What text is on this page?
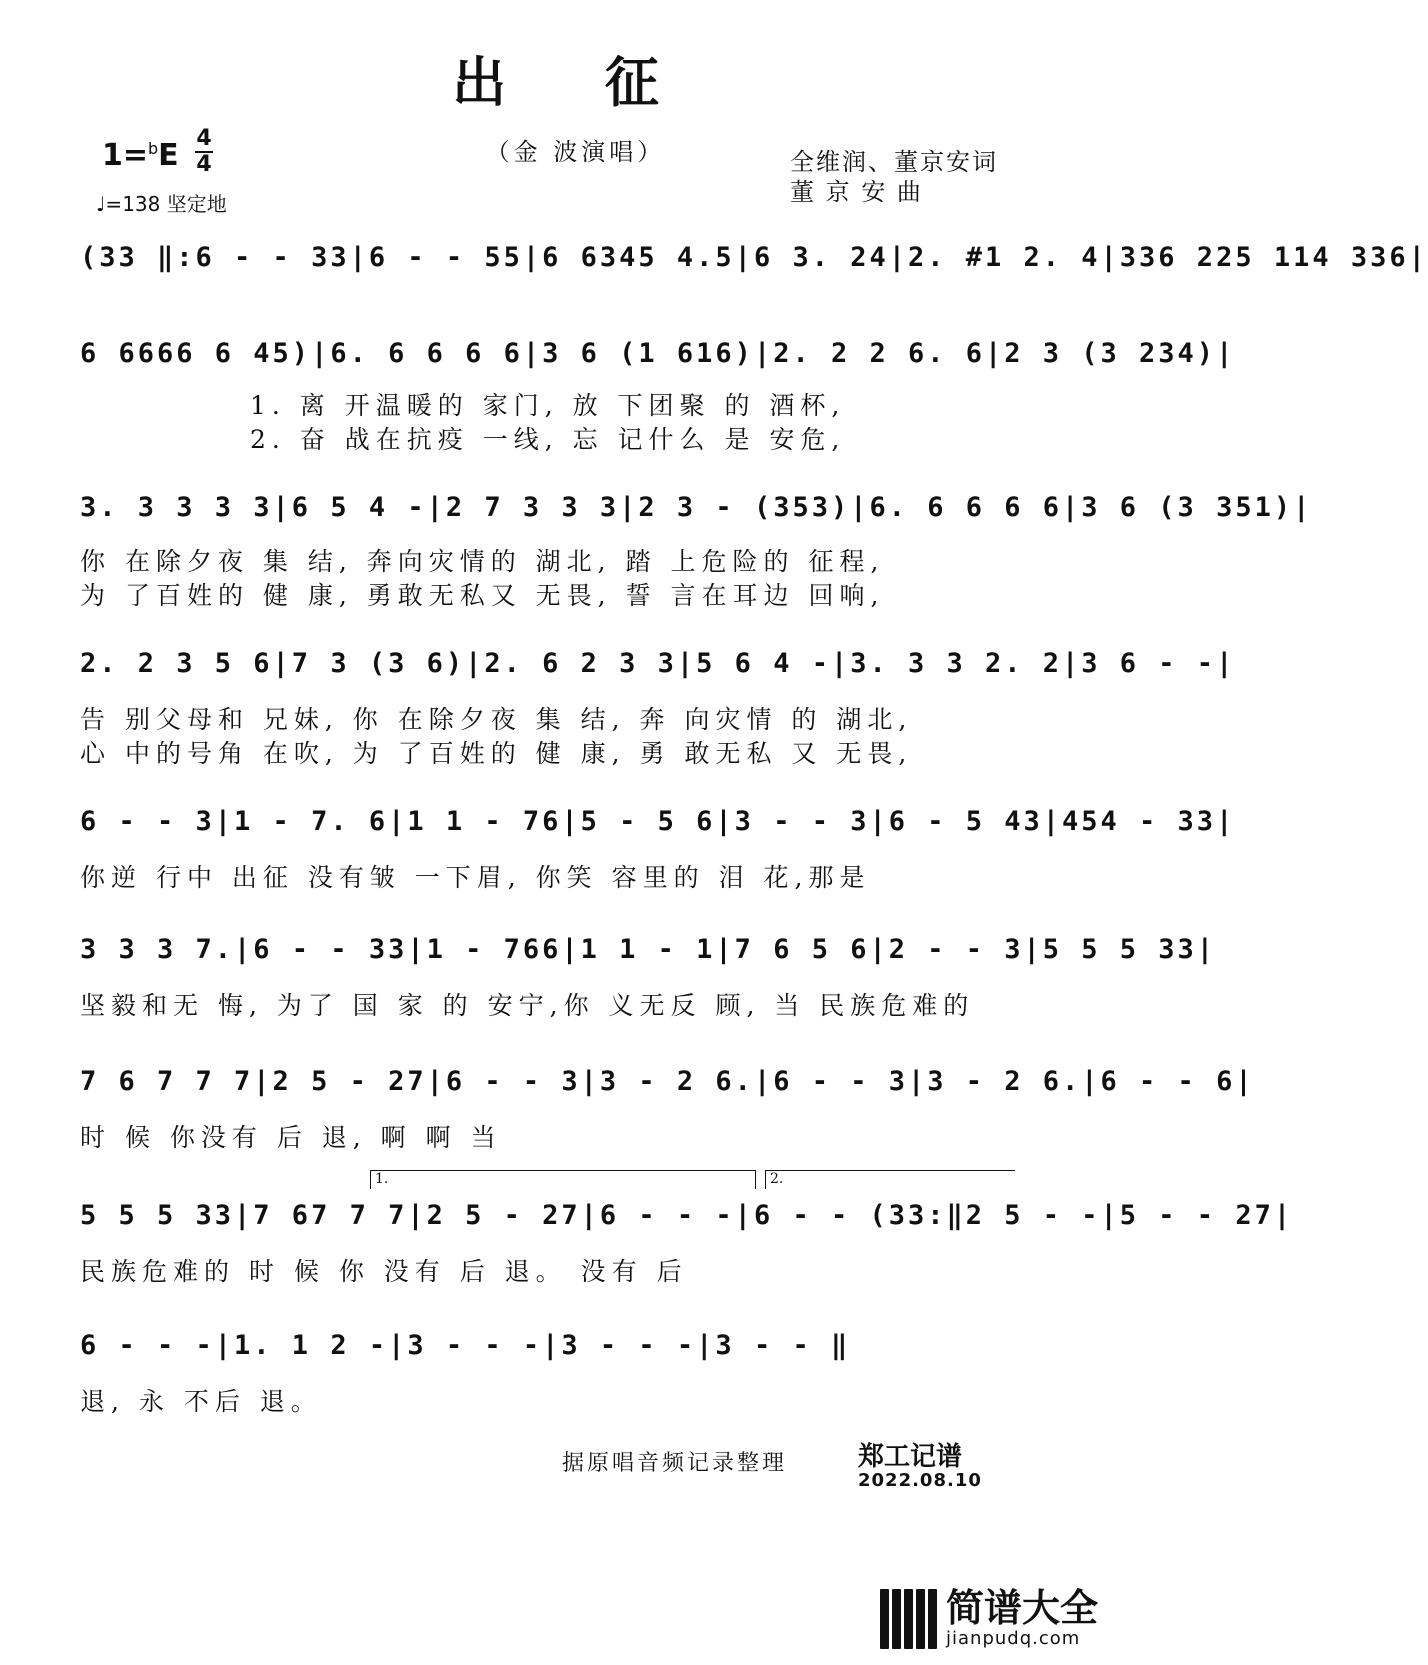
出 征
（金 波演唱）
1=$^b$E 4
4
♩=138 坚定地
全维润、董京安词
董 京 安 曲
(33 ‖:6 - - 33|6 - - 55|6 6345 4.5|6 3. 24|2. #1 2. 4|336 225 114 336|
6 6666 6 45)|6. 6 6 6 6|3 6 (1 616)|2. 2 2 6. 6|2 3 (3 234)|
1. 离 开温暖的 家门, 放 下团聚 的 酒杯,
2. 奋 战在抗疫 一线, 忘 记什么 是 安危,
3. 3 3 3 3|6 5 4 -|2 7 3 3 3|2 3 - (353)|6. 6 6 6 6|3 6 (3 351)|
你 在除夕夜 集 结, 奔向灾情的 湖北, 踏 上危险的 征程,
为 了百姓的 健 康, 勇敢无私又 无畏, 誓 言在耳边 回响,
2. 2 3 5 6|7 3 (3 6)|2. 6 2 3 3|5 6 4 -|3. 3 3 2. 2|3 6 - -|
告 别父母和 兄妹, 你 在除夕夜 集 结, 奔 向灾情 的 湖北,
心 中的号角 在吹, 为 了百姓的 健 康, 勇 敢无私 又 无畏,
6 - - 3|1 - 7. 6|1 1 - 76|5 - 5 6|3 - - 3|6 - 5 43|454 - 33|
你逆 行中 出征 没有皱 一下眉, 你笑 容里的 泪 花,那是
3 3 3 7.|6 - - 33|1 - 766|1 1 - 1|7 6 5 6|2 - - 3|5 5 5 33|
坚毅和无 悔, 为了 国 家 的 安宁,你 义无反 顾, 当 民族危难的
7 6 7 7 7|2 5 - 27|6 - - 3|3 - 2 6.|6 - - 3|3 - 2 6.|6 - - 6|
时 候 你没有 后 退, 啊 啊 当
1.	2.
5 5 5 33|7 67 7 7|2 5 - 27|6 - - -|6 - - (33:‖2 5 - -|5 - - 27|
民族危难的 时 候 你 没有 后 退。 没有 后
6 - - -|1. 1 2 -|3 - - -|3 - - -|3 - - ‖
退, 永 不后 退。
据原唱音频记录整理	郑工记谱
2022.08.10
简谱大全
jianpudq.com
